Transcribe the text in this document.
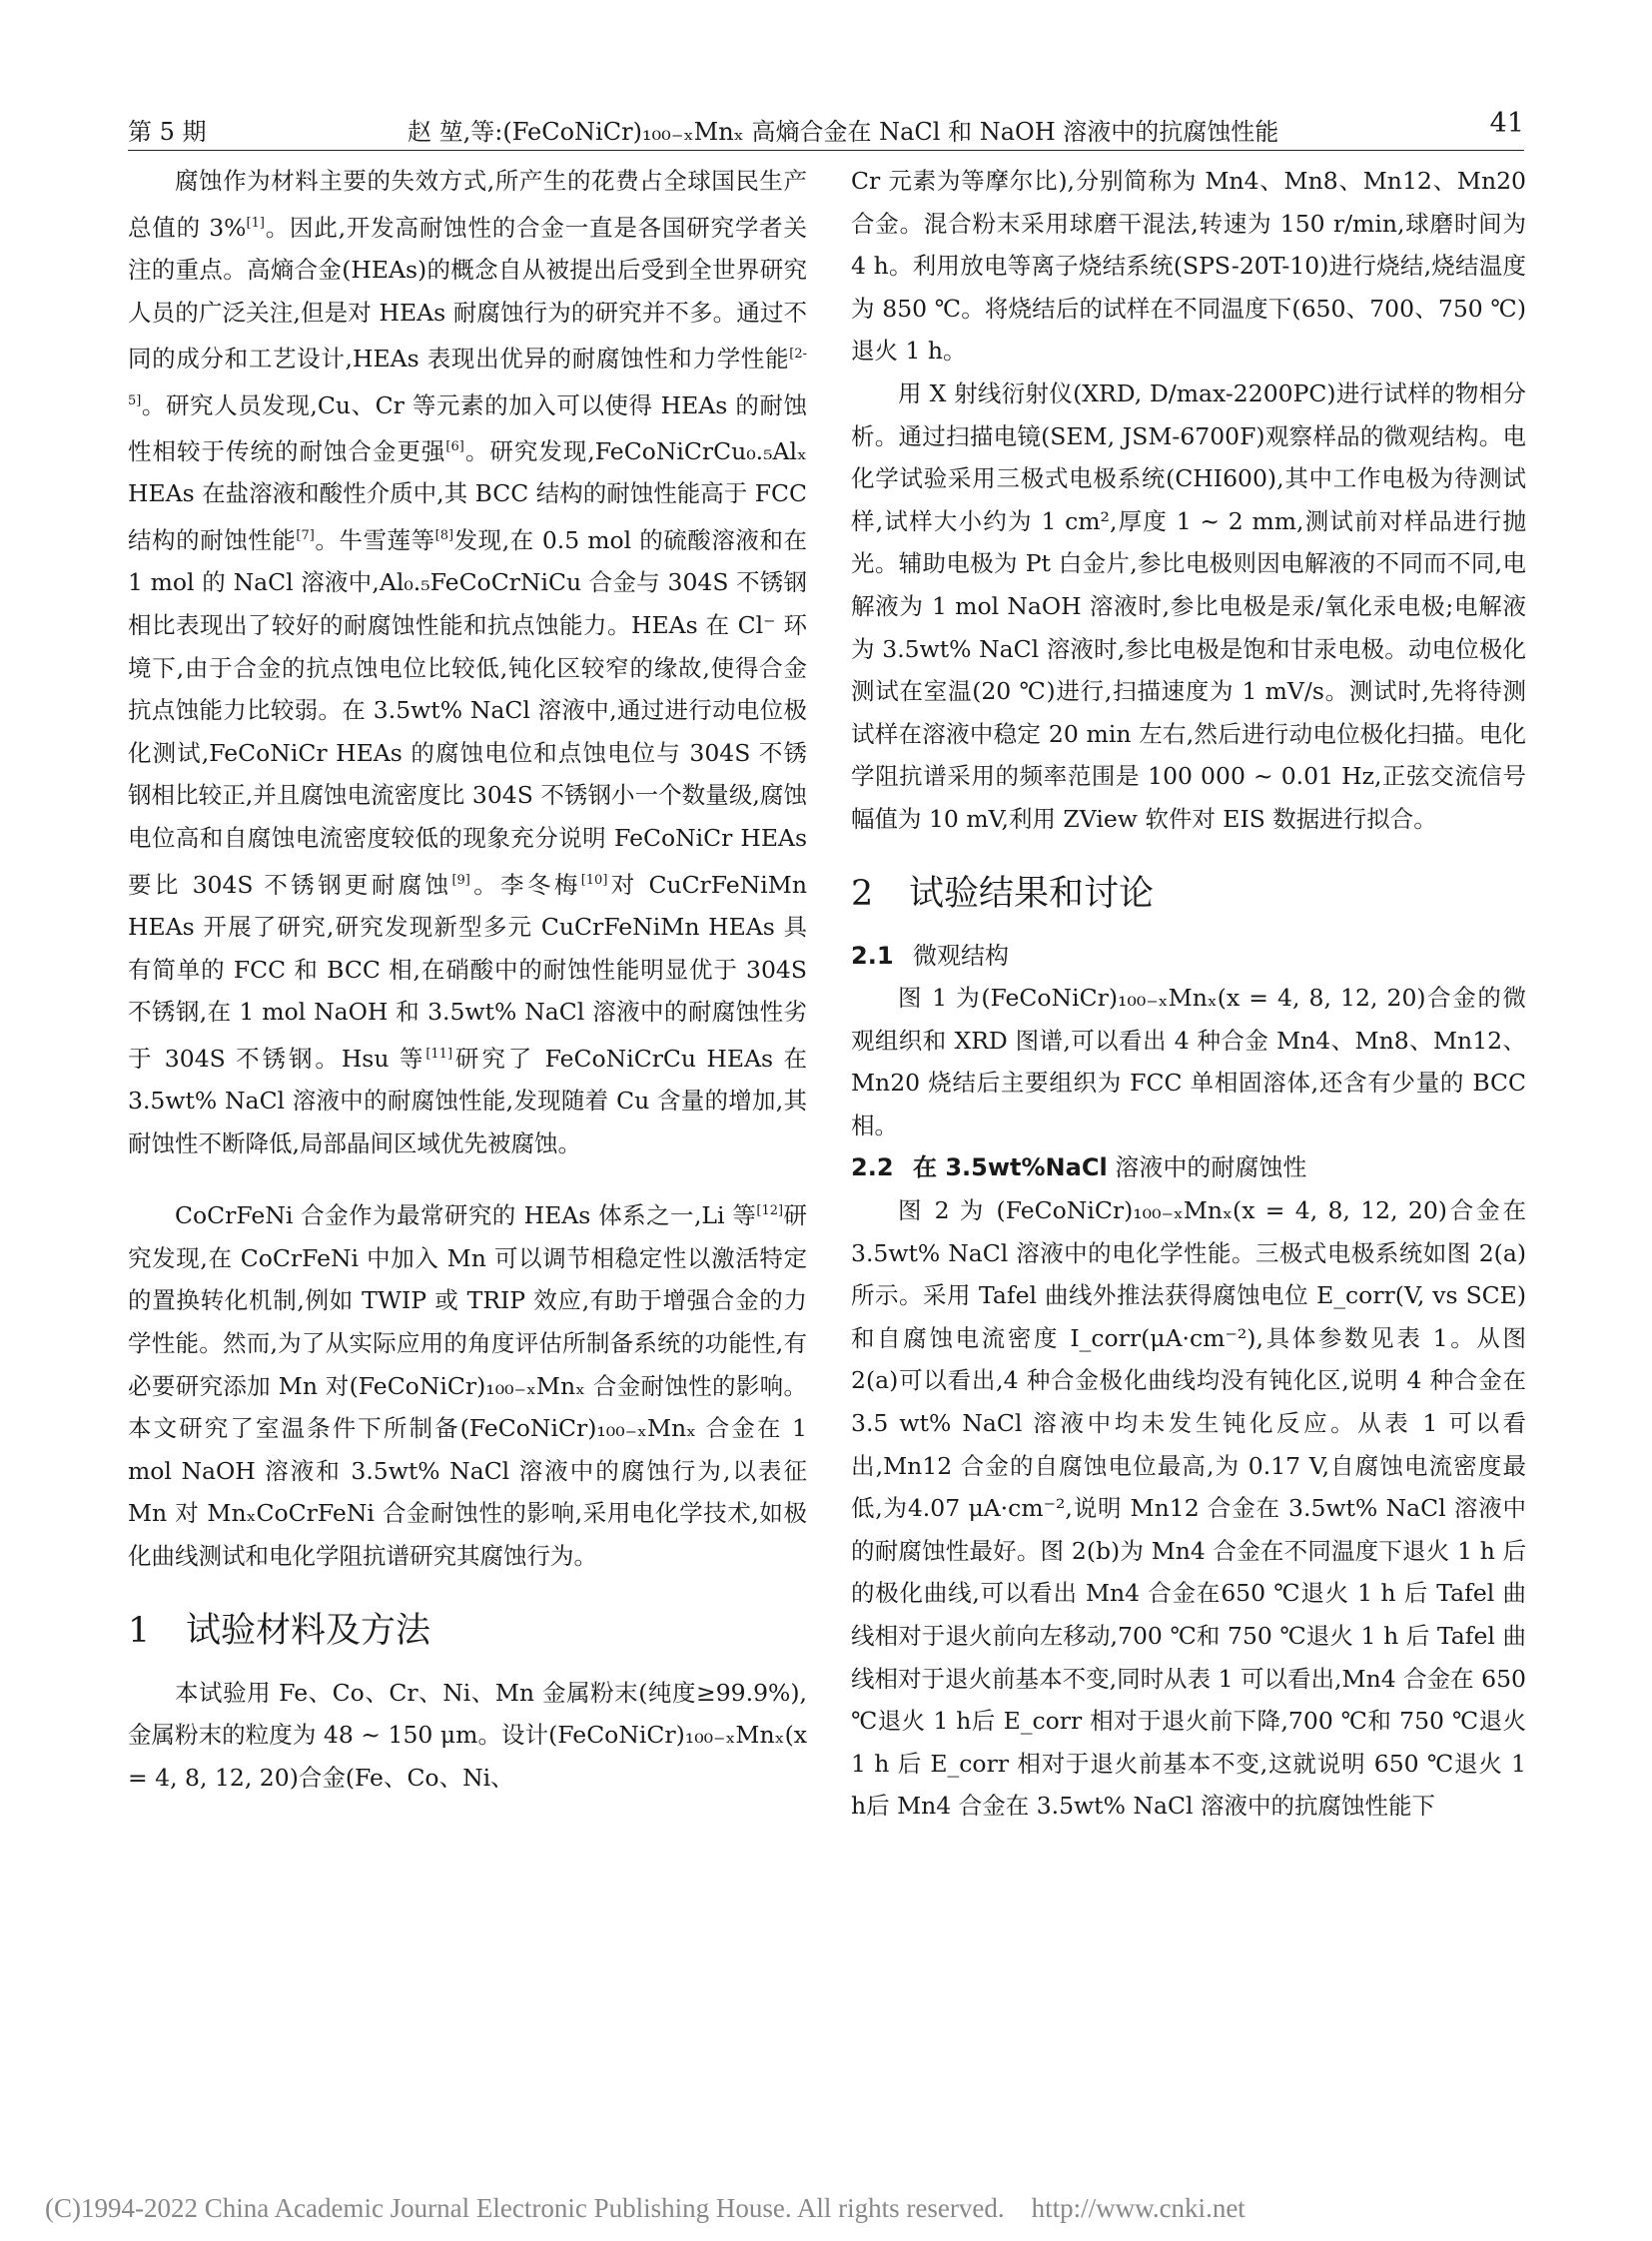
第 5 期	赵 堃,等:(FeCoNiCr)₁₀₀₋ₓMnₓ 高熵合金在 NaCl 和 NaOH 溶液中的抗腐蚀性能	41

腐蚀作为材料主要的失效方式,所产生的花费占全球国民生产总值的 3%[1]。因此,开发高耐蚀性的合金一直是各国研究学者关注的重点。高熵合金(HEAs)的概念自从被提出后受到全世界研究人员的广泛关注,但是对 HEAs 耐腐蚀行为的研究并不多。通过不同的成分和工艺设计,HEAs 表现出优异的耐腐蚀性和力学性能[2-5]。研究人员发现,Cu、Cr 等元素的加入可以使得 HEAs 的耐蚀性相较于传统的耐蚀合金更强[6]。研究发现,FeCoNiCrCu₀.₅Alₓ HEAs 在盐溶液和酸性介质中,其 BCC 结构的耐蚀性能高于 FCC 结构的耐蚀性能[7]。牛雪莲等[8]发现,在 0.5 mol 的硫酸溶液和在 1 mol 的 NaCl 溶液中,Al₀.₅FeCoCrNiCu 合金与 304S 不锈钢相比表现出了较好的耐腐蚀性能和抗点蚀能力。HEAs 在 Cl⁻ 环境下,由于合金的抗点蚀电位比较低,钝化区较窄的缘故,使得合金抗点蚀能力比较弱。在 3.5wt% NaCl 溶液中,通过进行动电位极化测试,FeCoNiCr HEAs 的腐蚀电位和点蚀电位与 304S 不锈钢相比较正,并且腐蚀电流密度比 304S 不锈钢小一个数量级,腐蚀电位高和自腐蚀电流密度较低的现象充分说明 FeCoNiCr HEAs 要比 304S 不锈钢更耐腐蚀[9]。李冬梅[10]对 CuCrFeNiMn HEAs 开展了研究,研究发现新型多元 CuCrFeNiMn HEAs 具有简单的 FCC 和 BCC 相,在硝酸中的耐蚀性能明显优于 304S 不锈钢,在 1 mol NaOH 和 3.5wt% NaCl 溶液中的耐腐蚀性劣于 304S 不锈钢。Hsu 等[11]研究了 FeCoNiCrCu HEAs 在 3.5wt% NaCl 溶液中的耐腐蚀性能,发现随着 Cu 含量的增加,其耐蚀性不断降低,局部晶间区域优先被腐蚀。

CoCrFeNi 合金作为最常研究的 HEAs 体系之一,Li 等[12]研究发现,在 CoCrFeNi 中加入 Mn 可以调节相稳定性以激活特定的置换转化机制,例如 TWIP 或 TRIP 效应,有助于增强合金的力学性能。然而,为了从实际应用的角度评估所制备系统的功能性,有必要研究添加 Mn 对(FeCoNiCr)₁₀₀₋ₓMnₓ 合金耐蚀性的影响。本文研究了室温条件下所制备(FeCoNiCr)₁₀₀₋ₓMnₓ 合金在 1 mol NaOH 溶液和 3.5wt% NaCl 溶液中的腐蚀行为,以表征 Mn 对 MnₓCoCrFeNi 合金耐蚀性的影响,采用电化学技术,如极化曲线测试和电化学阻抗谱研究其腐蚀行为。

1 试验材料及方法

本试验用 Fe、Co、Cr、Ni、Mn 金属粉末(纯度≥99.9%),金属粉末的粒度为 48 ~ 150 μm。设计(FeCoNiCr)₁₀₀₋ₓMnₓ(x = 4, 8, 12, 20)合金(Fe、Co、Ni、

Cr 元素为等摩尔比),分别简称为 Mn4、Mn8、Mn12、Mn20 合金。混合粉末采用球磨干混法,转速为 150 r/min,球磨时间为 4 h。利用放电等离子烧结系统(SPS-20T-10)进行烧结,烧结温度为 850 ℃。将烧结后的试样在不同温度下(650、700、750 ℃)退火 1 h。

用 X 射线衍射仪(XRD, D/max-2200PC)进行试样的物相分析。通过扫描电镜(SEM, JSM-6700F)观察样品的微观结构。电化学试验采用三极式电极系统(CHI600),其中工作电极为待测试样,试样大小约为 1 cm²,厚度 1 ~ 2 mm,测试前对样品进行抛光。辅助电极为 Pt 白金片,参比电极则因电解液的不同而不同,电解液为 1 mol NaOH 溶液时,参比电极是汞/氧化汞电极;电解液为 3.5wt% NaCl 溶液时,参比电极是饱和甘汞电极。动电位极化测试在室温(20 ℃)进行,扫描速度为 1 mV/s。测试时,先将待测试样在溶液中稳定 20 min 左右,然后进行动电位极化扫描。电化学阻抗谱采用的频率范围是 100 000 ~ 0.01 Hz,正弦交流信号幅值为 10 mV,利用 ZView 软件对 EIS 数据进行拟合。

2 试验结果和讨论
2.1 微观结构

图 1 为(FeCoNiCr)₁₀₀₋ₓMnₓ(x = 4, 8, 12, 20)合金的微观组织和 XRD 图谱,可以看出 4 种合金 Mn4、Mn8、Mn12、Mn20 烧结后主要组织为 FCC 单相固溶体,还含有少量的 BCC 相。

2.2 在 3.5wt%NaCl 溶液中的耐腐蚀性

图 2 为 (FeCoNiCr)₁₀₀₋ₓMnₓ(x = 4, 8, 12, 20)合金在 3.5wt% NaCl 溶液中的电化学性能。三极式电极系统如图 2(a)所示。采用 Tafel 曲线外推法获得腐蚀电位 E_corr(V, vs SCE)和自腐蚀电流密度 I_corr(μA·cm⁻²),具体参数见表 1。从图 2(a)可以看出,4 种合金极化曲线均没有钝化区,说明 4 种合金在 3.5 wt% NaCl 溶液中均未发生钝化反应。从表 1 可以看出,Mn12 合金的自腐蚀电位最高,为 0.17 V,自腐蚀电流密度最低,为4.07 μA·cm⁻²,说明 Mn12 合金在 3.5wt% NaCl 溶液中的耐腐蚀性最好。图 2(b)为 Mn4 合金在不同温度下退火 1 h 后的极化曲线,可以看出 Mn4 合金在650 ℃退火 1 h 后 Tafel 曲线相对于退火前向左移动,700 ℃和 750 ℃退火 1 h 后 Tafel 曲线相对于退火前基本不变,同时从表 1 可以看出,Mn4 合金在 650 ℃退火 1 h后 E_corr 相对于退火前下降,700 ℃和 750 ℃退火 1 h 后 E_corr 相对于退火前基本不变,这就说明 650 ℃退火 1 h后 Mn4 合金在 3.5wt% NaCl 溶液中的抗腐蚀性能下

(C)1994-2022 China Academic Journal Electronic Publishing House. All rights reserved. http://www.cnki.net
